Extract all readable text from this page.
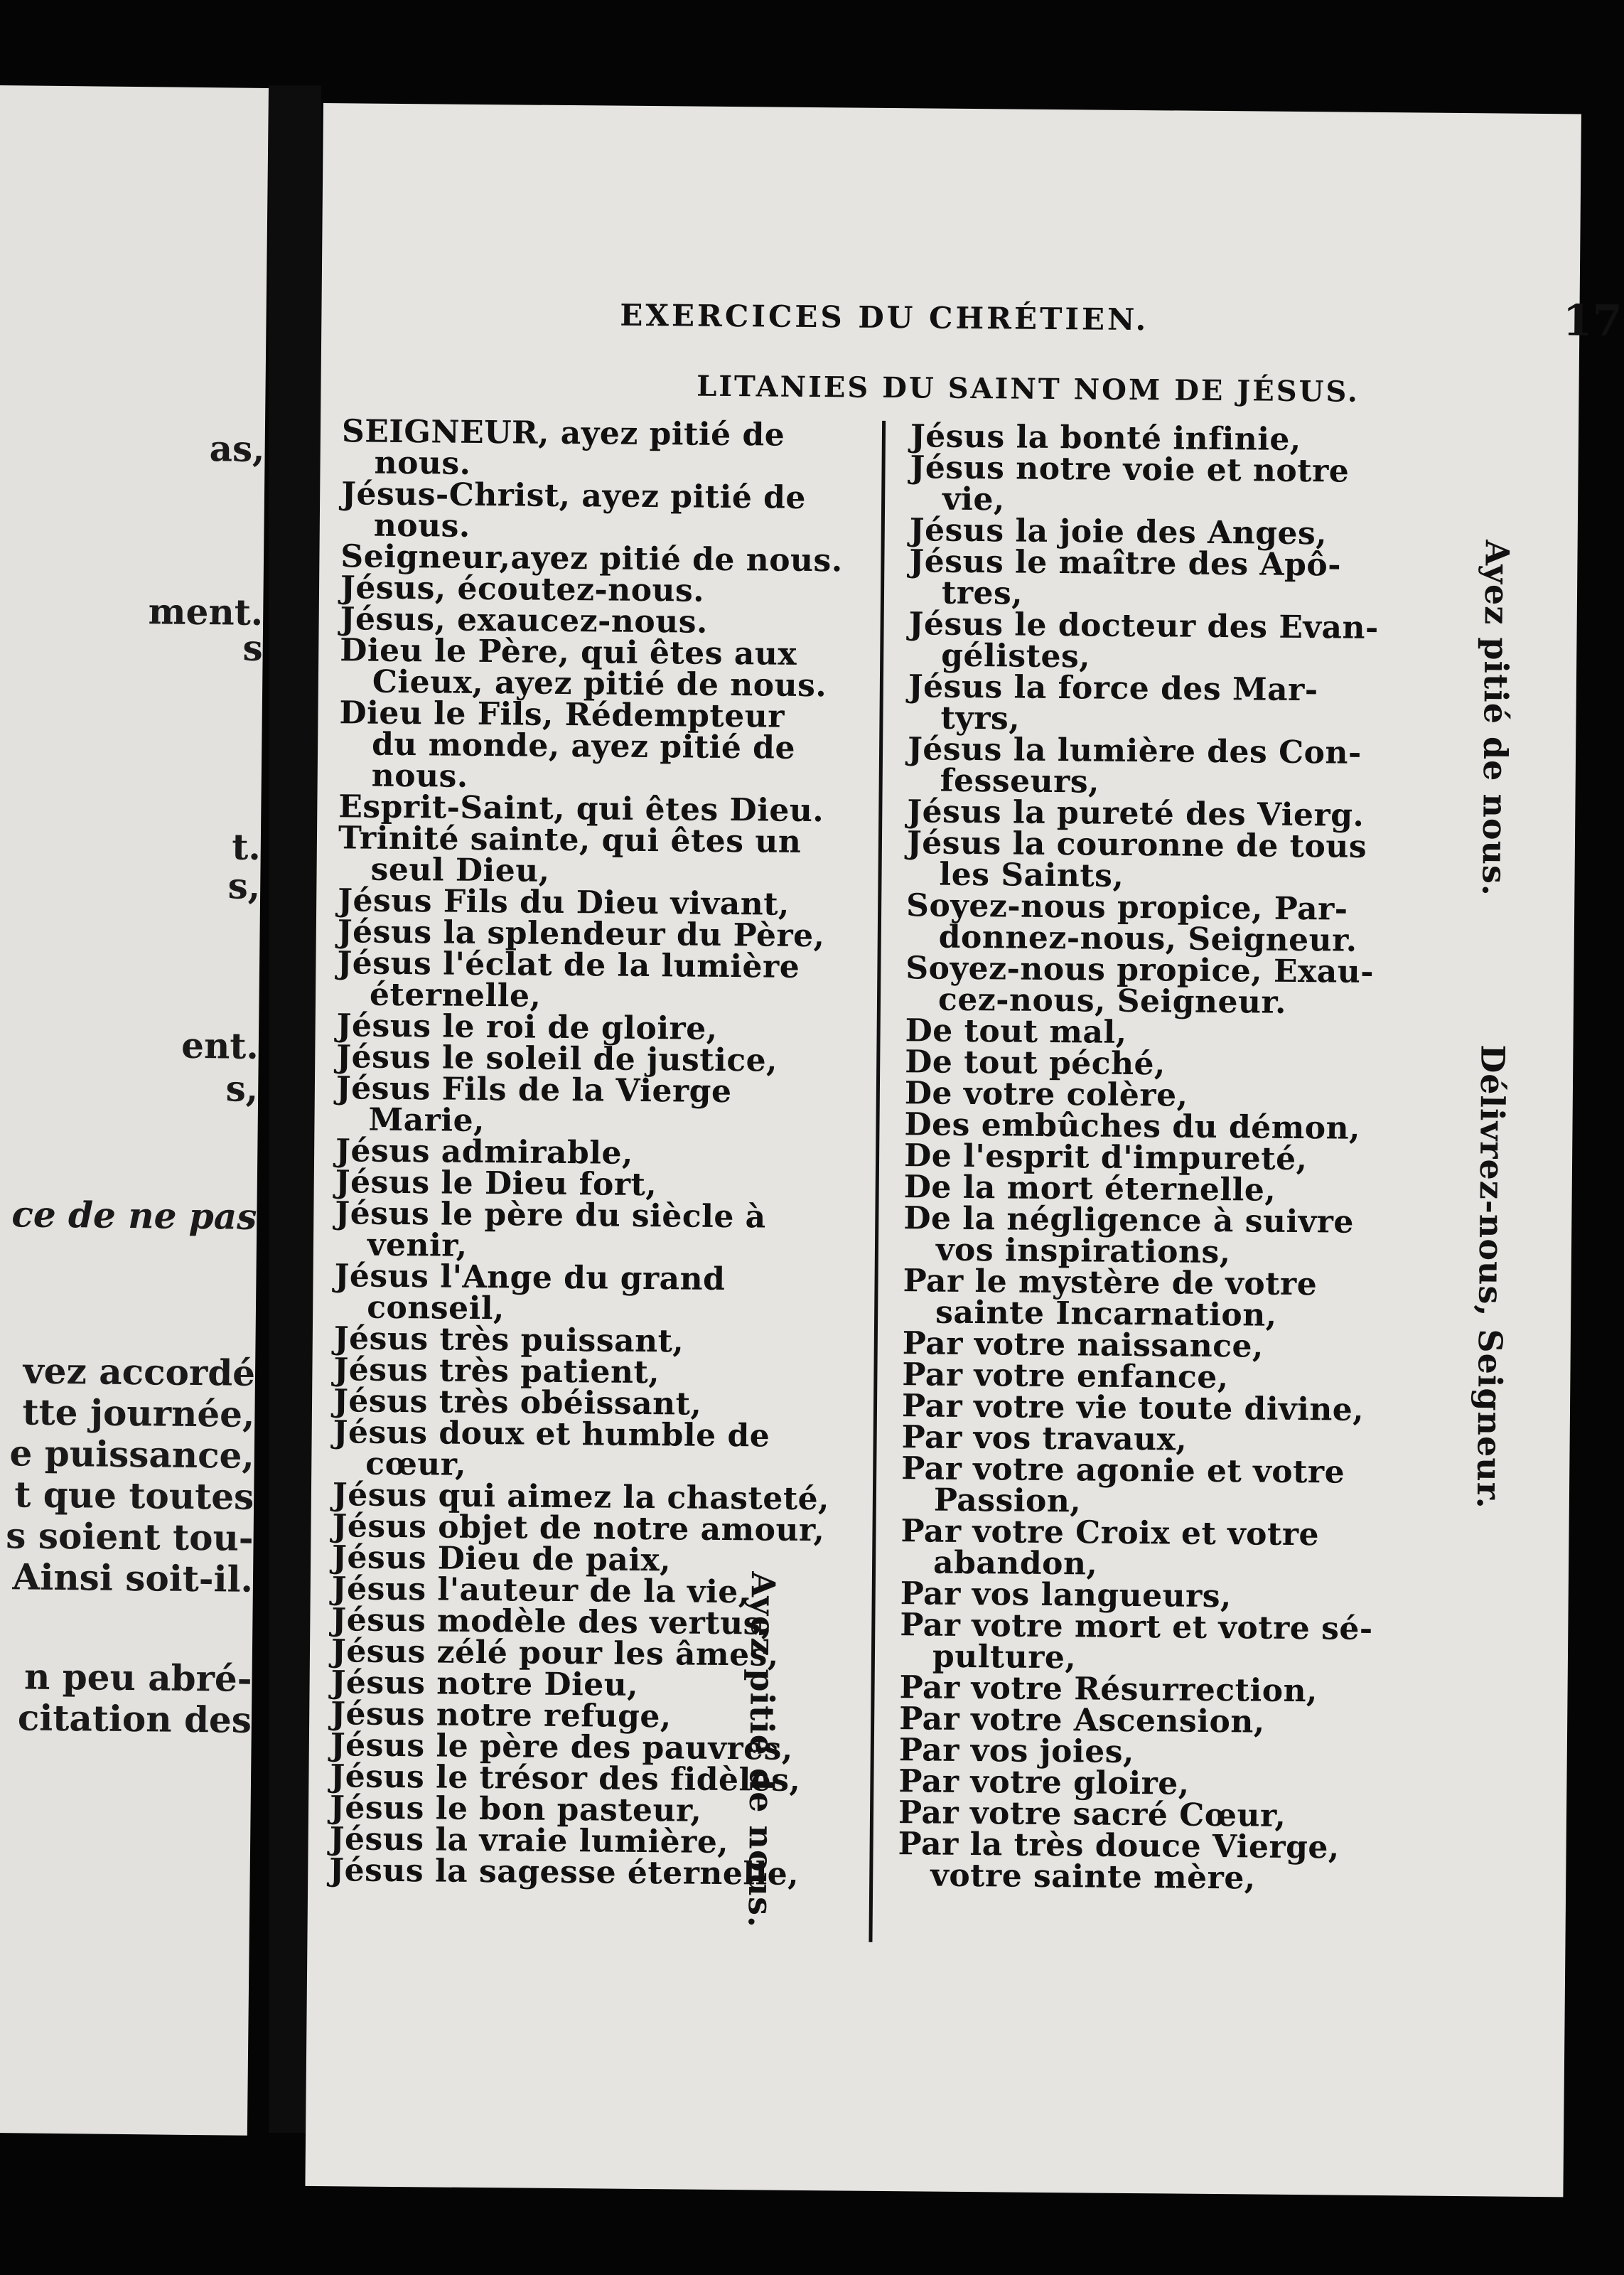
as,
ment.
s
t.
s,
ent.
s,
ce de ne pas
vez accordé
tte journée,
e puissance,
t que toutes
s soient tou-
Ainsi soit-il.
n peu abré-
citation des
EXERCICES DU CHRÉTIEN.	17
LITANIES DU SAINT NOM DE JÉSUS.
SEIGNEUR, ayez pitié de
nous.
Jésus-Christ, ayez pitié de
nous.
Seigneur,ayez pitié de nous.
Jésus, écoutez-nous.
Jésus, exaucez-nous.
Dieu le Père, qui êtes aux
Cieux, ayez pitié de nous.
Dieu le Fils, Rédempteur
du monde, ayez pitié de
nous.
Esprit-Saint, qui êtes Dieu.
Trinité sainte, qui êtes un
seul Dieu,
Jésus Fils du Dieu vivant,
Jésus la splendeur du Père,
Jésus l'éclat de la lumière
éternelle,
Jésus le roi de gloire,
Jésus le soleil de justice,
Jésus Fils de la Vierge
Marie,
Jésus admirable,
Jésus le Dieu fort,
Jésus le père du siècle à
venir,
Jésus l'Ange du grand
conseil,
Jésus très puissant,
Jésus très patient,
Jésus très obéissant,
Jésus doux et humble de
cœur,
Jésus qui aimez la chasteté,
Jésus objet de notre amour,
Jésus Dieu de paix,
Jésus l'auteur de la vie,
Jésus modèle des vertus,
Jésus zélé pour les âmes,
Jésus notre Dieu,
Jésus notre refuge,
Jésus le père des pauvres,
Jésus le trésor des fidèles,
Jésus le bon pasteur,
Jésus la vraie lumière,
Jésus la sagesse éternelle,
Jésus la bonté infinie,
Jésus notre voie et notre
vie,
Jésus la joie des Anges,
Jésus le maître des Apô-
tres,
Jésus le docteur des Evan-
gélistes,
Jésus la force des Mar-
tyrs,
Jésus la lumière des Con-
fesseurs,
Jésus la pureté des Vierg.
Jésus la couronne de tous
les Saints,
Soyez-nous propice, Par-
donnez-nous, Seigneur.
Soyez-nous propice, Exau-
cez-nous, Seigneur.
De tout mal,
De tout péché,
De votre colère,
Des embûches du démon,
De l'esprit d'impureté,
De la mort éternelle,
De la négligence à suivre
vos inspirations,
Par le mystère de votre
sainte Incarnation,
Par votre naissance,
Par votre enfance,
Par votre vie toute divine,
Par vos travaux,
Par votre agonie et votre
Passion,
Par votre Croix et votre
abandon,
Par vos langueurs,
Par votre mort et votre sé-
pulture,
Par votre Résurrection,
Par votre Ascension,
Par vos joies,
Par votre gloire,
Par votre sacré Cœur,
Par la très douce Vierge,
votre sainte mère,
Ayez pitié de nous.
Délivrez-nous, Seigneur.
Ayez pitié de nous.
